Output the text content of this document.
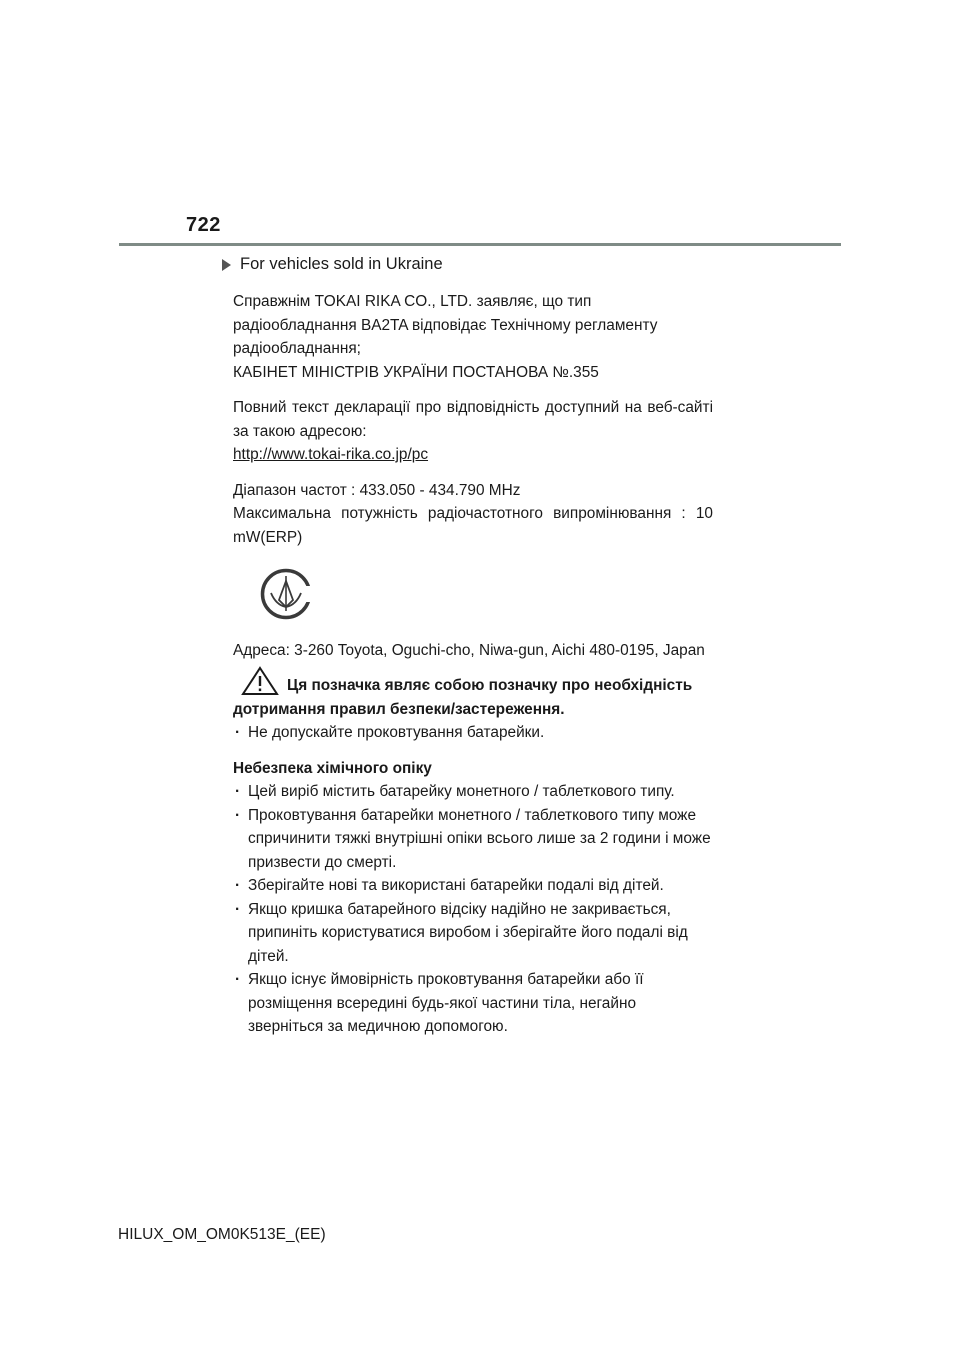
722
For vehicles sold in Ukraine

Справжнім TOKAI RIKA CO., LTD. заявляє, що тип

радіообладнання BA2TA відповідає Технічному регламенту

радіообладнання;

КАБІНЕТ МІНІСТРІВ УКРАЇНИ ПОСТАНОВА №.355

Повний текст декларації про відповідність доступний на веб-сайті за такою адресою:

http://www.tokai-rika.co.jp/pc

Діапазон частот : 433.050 - 434.790 MHz

Максимальна потужність радіочастотного випромінювання : 10 mW(ERP)

Адреса: 3-260 Toyota, Oguchi-cho, Niwa-gun, Aichi 480-0195, Japan

Ця позначка являє собою позначку про необхідність

дотримання правил безпеки/застереження.

· Не допускайте проковтування батарейки.

Небезпека хімічного опіку

· Цей виріб містить батарейку монетного / таблеткового типу.
· Проковтування батарейки монетного / таблеткового типу може спричинити тяжкі внутрішні опіки всього лише за 2 години і може призвести до смерті.
· Зберігайте нові та використані батарейки подалі від дітей.
· Якщо кришка батарейного відсіку надійно не закривається, припиніть користуватися виробом і зберігайте його подалі від дітей.
· Якщо існує ймовірність проковтування батарейки або її розміщення всередині будь-якої частини тіла, негайно зверніться за медичною допомогою.
HILUX_OM_OM0K513E_(EE)
